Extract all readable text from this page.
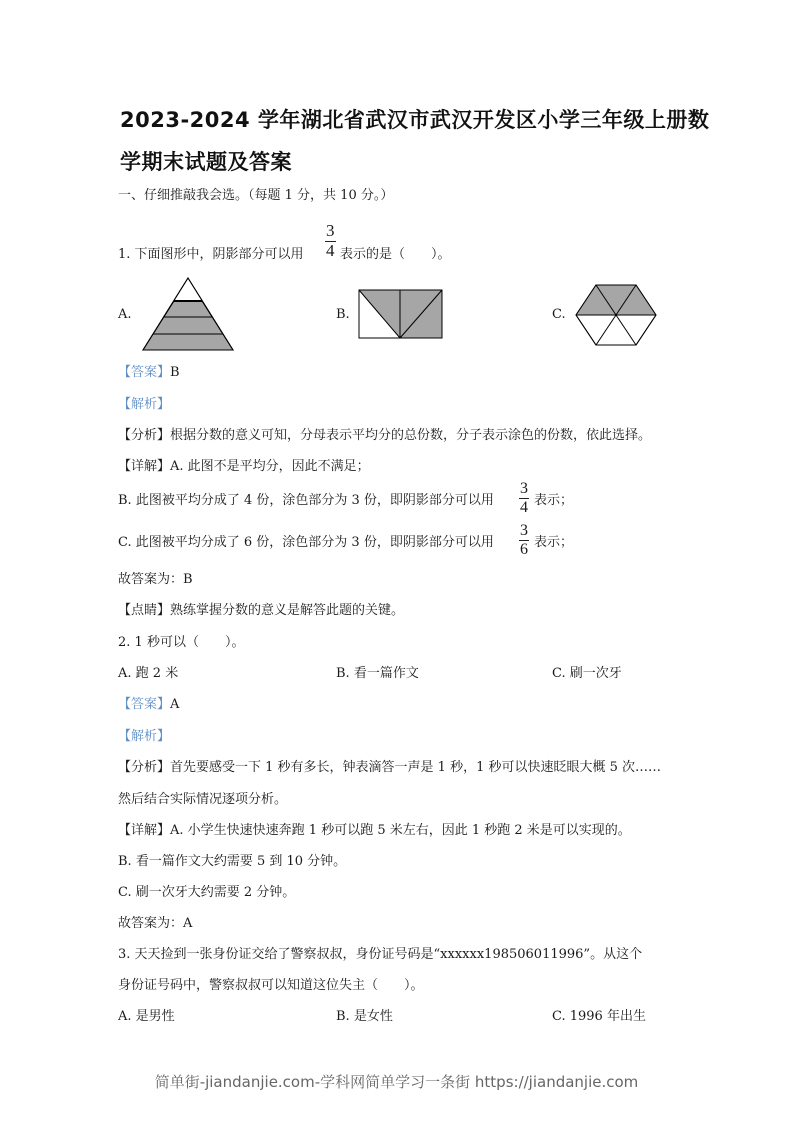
2023-2024 学年湖北省武汉市武汉开发区小学三年级上册数
学期末试题及答案
一、仔细推敲我会选。（每题 1 分，共 10 分。）
1. 下面图形中，阴影部分可以用 $\frac{3}{4}$ 表示的是（　　）。
A.	B.	C.
【答案】B
【解析】
【分析】根据分数的意义可知，分母表示平均分的总份数，分子表示涂色的份数，依此选择。
【详解】A. 此图不是平均分，因此不满足；
B. 此图被平均分成了 4 份，涂色部分为 3 份，即阴影部分可以用 $\frac{3}{4}$ 表示；
C. 此图被平均分成了 6 份，涂色部分为 3 份，即阴影部分可以用 $\frac{3}{6}$ 表示；
故答案为：B
【点睛】熟练掌握分数的意义是解答此题的关键。
2. 1 秒可以（　　）。
A. 跑 2 米	B. 看一篇作文	C. 刷一次牙
【答案】A
【解析】
【分析】首先要感受一下 1 秒有多长，钟表滴答一声是 1 秒，1 秒可以快速眨眼大概 5 次……
然后结合实际情况逐项分析。
【详解】A. 小学生快速快速奔跑 1 秒可以跑 5 米左右，因此 1 秒跑 2 米是可以实现的。
B. 看一篇作文大约需要 5 到 10 分钟。
C. 刷一次牙大约需要 2 分钟。
故答案为：A
3. 天天捡到一张身份证交给了警察叔叔，身份证号码是“xxxxxx198506011996”。从这个
身份证号码中，警察叔叔可以知道这位失主（　　）。
A. 是男性	B. 是女性	C. 1996 年出生
简单街-jiandanjie.com-学科网简单学习一条街 https://jiandanjie.com
